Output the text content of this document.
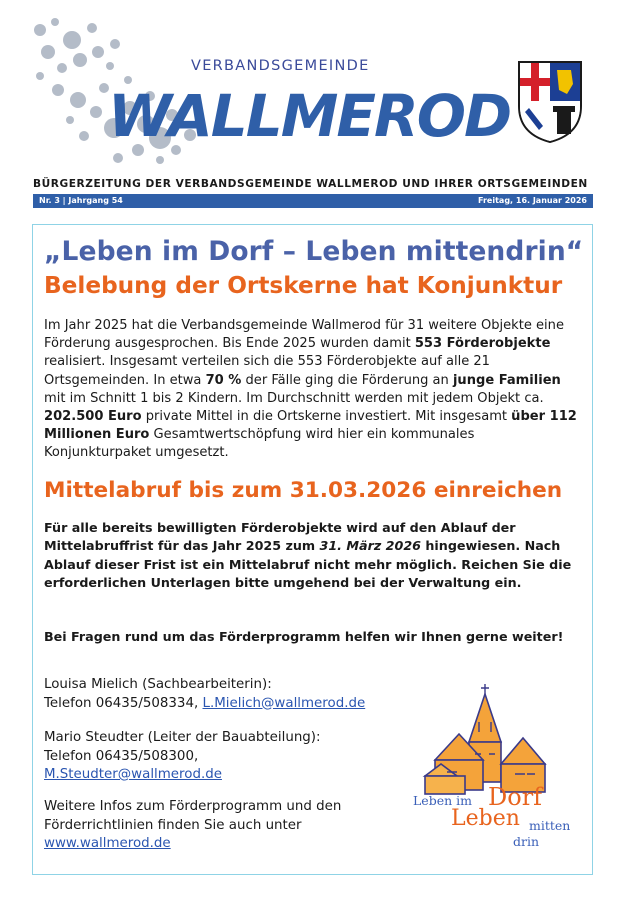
VERBANDSGEMEINDE
WALLMEROD
BÜRGERZEITUNG DER VERBANDSGEMEINDE WALLMEROD UND IHRER ORTSGEMEINDEN
Nr. 3 | Jahrgang 54	Freitag, 16. Januar 2026
„Leben im Dorf – Leben mittendrin“
Belebung der Ortskerne hat Konjunktur

Im Jahr 2025 hat die Verbandsgemeinde Wallmerod für 31 weitere Objekte eine Förderung ausgesprochen. Bis Ende 2025 wurden damit 553 Förderobjekte realisiert. Insgesamt verteilen sich die 553 Förderobjekte auf alle 21 Ortsgemeinden. In etwa 70 % der Fälle ging die Förderung an junge Familien mit im Schnitt 1 bis 2 Kindern. Im Durchschnitt werden mit jedem Objekt ca. 202.500 Euro private Mittel in die Ortskerne investiert. Mit insgesamt über 112 Millionen Euro Gesamtwertschöpfung wird hier ein kommunales Konjunkturpaket umgesetzt.

Mittelabruf bis zum 31.03.2026 einreichen

Für alle bereits bewilligten Förderobjekte wird auf den Ablauf der Mittelabruffrist für das Jahr 2025 zum 31. März 2026 hingewiesen. Nach Ablauf dieser Frist ist ein Mittelabruf nicht mehr möglich. Reichen Sie die erforderlichen Unterlagen bitte umgehend bei der Verwaltung ein.

Bei Fragen rund um das Förderprogramm helfen wir Ihnen gerne weiter!

Louisa Mielich (Sachbearbeiterin):
Telefon 06435/508334, L.Mielich@wallmerod.de
Mario Steudter (Leiter der Bauabteilung):
Telefon 06435/508300,
M.Steudter@wallmerod.de
Weitere Infos zum Förderprogramm und den Förderrichtlinien finden Sie auch unter
www.wallmerod.de
Leben im Dorf
Leben mitten
drin
